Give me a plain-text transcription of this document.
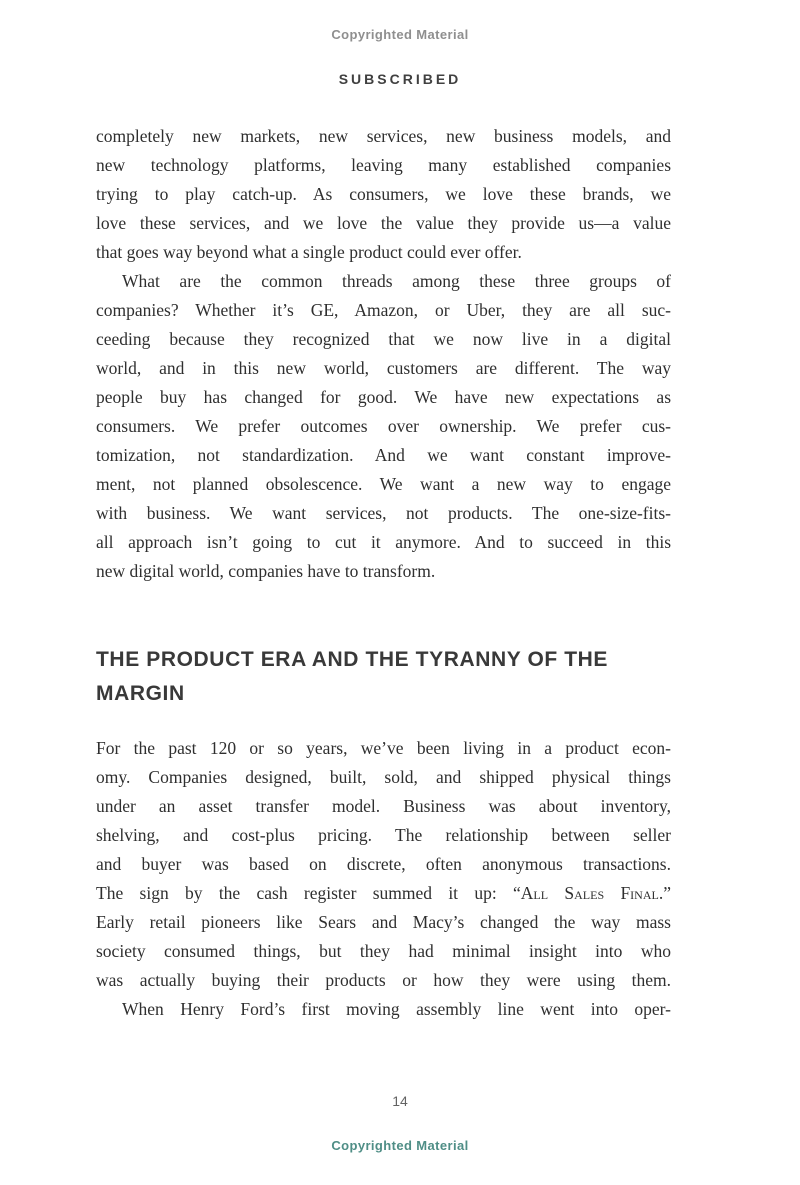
Copyrighted Material
SUBSCRIBED
completely new markets, new services, new business models, and
new technology platforms, leaving many established companies
trying to play catch-up. As consumers, we love these brands, we
love these services, and we love the value they provide us—a value
that goes way beyond what a single product could ever offer.
What are the common threads among these three groups of
companies? Whether it’s GE, Amazon, or Uber, they are all suc-
ceeding because they recognized that we now live in a digital
world, and in this new world, customers are different. The way
people buy has changed for good. We have new expectations as
consumers. We prefer outcomes over ownership. We prefer cus-
tomization, not standardization. And we want constant improve-
ment, not planned obsolescence. We want a new way to engage
with business. We want services, not products. The one-size-fits-
all approach isn’t going to cut it anymore. And to succeed in this
new digital world, companies have to transform.
THE PRODUCT ERA AND THE TYRANNY OF THE
MARGIN
For the past 120 or so years, we’ve been living in a product econ-
omy. Companies designed, built, sold, and shipped physical things
under an asset transfer model. Business was about inventory,
shelving, and cost-plus pricing. The relationship between seller
and buyer was based on discrete, often anonymous transactions.
The sign by the cash register summed it up: “All Sales Final.”
Early retail pioneers like Sears and Macy’s changed the way mass
society consumed things, but they had minimal insight into who
was actually buying their products or how they were using them.
When Henry Ford’s first moving assembly line went into oper-
14
Copyrighted Material
